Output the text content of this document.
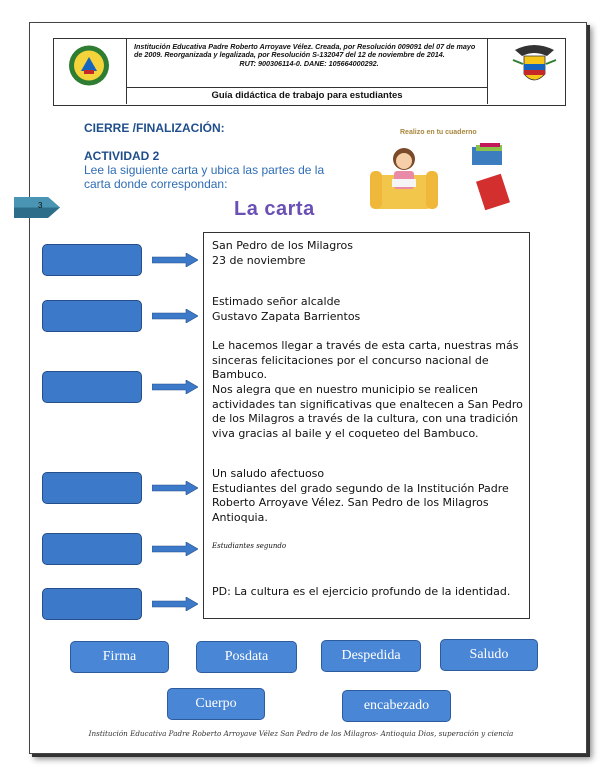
Institución Educativa Padre Roberto Arroyave Vélez. Creada, por Resolución 009091 del 07 de mayo de 2009. Reorganizada y legalizada, por Resolución S-132047 del 12 de noviembre de 2014.
RUT: 900306114-0. DANE: 105664000292.
Guía didáctica de trabajo para estudiantes
CIERRE /FINALIZACIÓN:
ACTIVIDAD 2
Lee la siguiente carta y ubica las partes de la carta donde correspondan:
Realizo en tu cuaderno
3	La carta
San Pedro de los Milagros
23 de noviembre
Estimado señor alcalde
Gustavo Zapata Barrientos
Le hacemos llegar a través de esta carta, nuestras más sinceras felicitaciones por el concurso nacional de Bambuco.
Nos alegra que en nuestro municipio se realicen actividades tan significativas que enaltecen a San Pedro de los Milagros a través de la cultura, con una tradición viva gracias al baile y el coqueteo del Bambuco.
Un saludo afectuoso
Estudiantes del grado segundo de la Institución Padre Roberto Arroyave Vélez. San Pedro de los Milagros Antioquia.
Estudiantes segundo
PD: La cultura es el ejercicio profundo de la identidad.
Firma	Posdata	Despedida	Saludo
Cuerpo	encabezado
Institución Educativa Padre Roberto Arroyave Vélez San Pedro de los Milagros- Antioquia Dios, superación y ciencia
